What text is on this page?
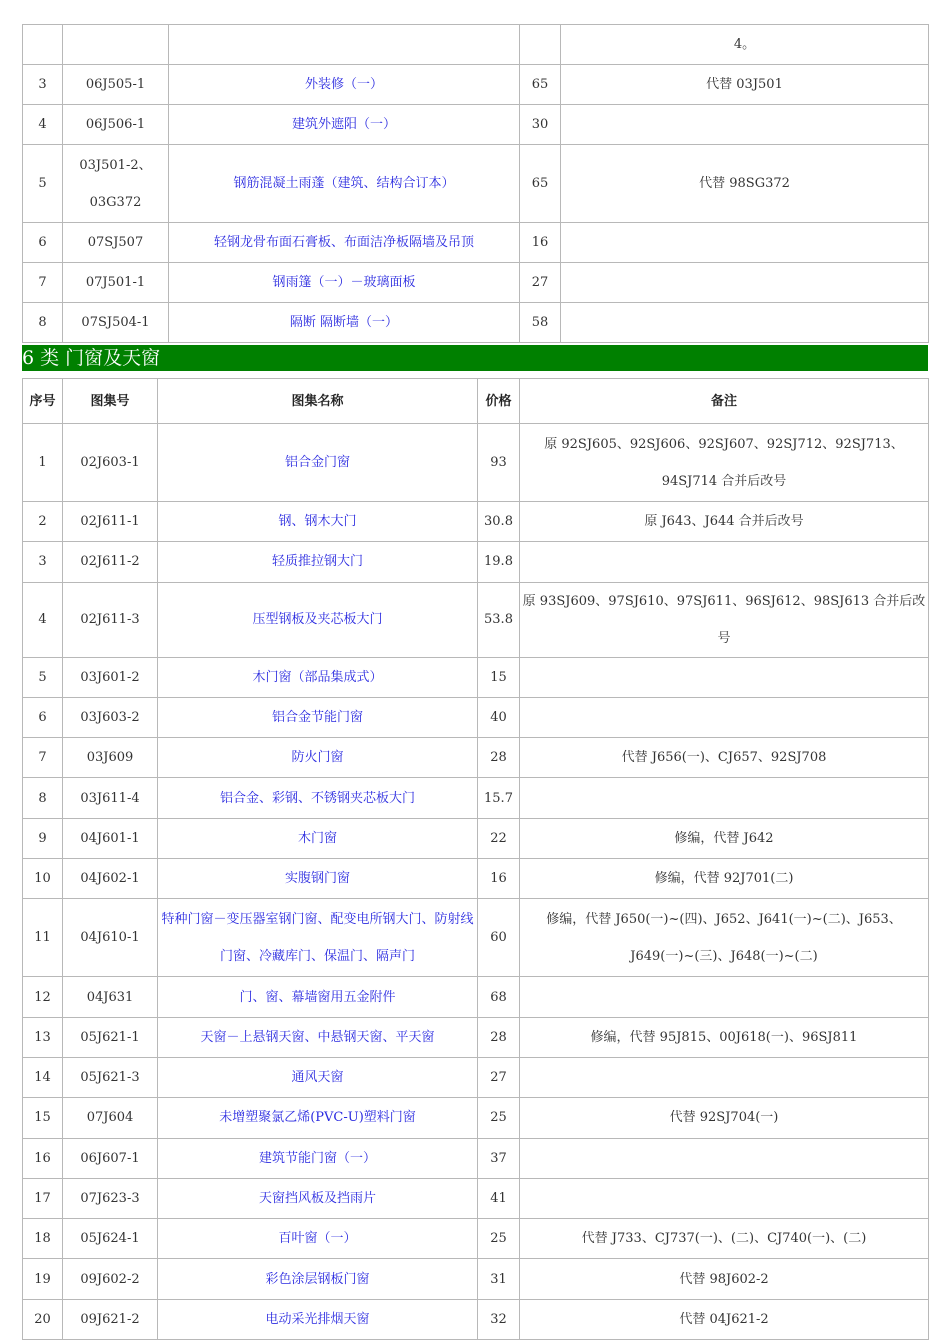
				4。
3	06J505-1	外装修（一）	65	代替 03J501
4	06J506-1	建筑外遮阳（一）	30	
5	03J501-2、03G372	钢筋混凝土雨蓬（建筑、结构合订本）	65	代替 98SG372
6	07SJ507	轻钢龙骨布面石膏板、布面洁净板隔墙及吊顶	16	
7	07J501-1	钢雨篷（一）－玻璃面板	27	
8	07SJ504-1	隔断 隔断墙（一）	58	
6 类 门窗及天窗
序号	图集号	图集名称	价格	备注
1	02J603-1	铝合金门窗	93	原 92SJ605、92SJ606、92SJ607、92SJ712、92SJ713、94SJ714 合并后改号
2	02J611-1	钢、钢木大门	30.8	原 J643、J644 合并后改号
3	02J611-2	轻质推拉钢大门	19.8	
4	02J611-3	压型钢板及夹芯板大门	53.8	原 93SJ609、97SJ610、97SJ611、96SJ612、98SJ613 合并后改号
5	03J601-2	木门窗（部品集成式）	15	
6	03J603-2	铝合金节能门窗	40	
7	03J609	防火门窗	28	代替 J656(一)、CJ657、92SJ708
8	03J611-4	铝合金、彩钢、不锈钢夹芯板大门	15.7	
9	04J601-1	木门窗	22	修编，代替 J642
10	04J602-1	实腹钢门窗	16	修编，代替 92J701(二)
11	04J610-1	特种门窗－变压器室钢门窗、配变电所钢大门、防射线门窗、冷藏库门、保温门、隔声门	60	修编，代替 J650(一)~(四)、J652、J641(一)~(二)、J653、J649(一)~(三)、J648(一)~(二)
12	04J631	门、窗、幕墙窗用五金附件	68	
13	05J621-1	天窗－上悬钢天窗、中悬钢天窗、平天窗	28	修编，代替 95J815、00J618(一)、96SJ811
14	05J621-3	通风天窗	27	
15	07J604	未增塑聚氯乙烯(PVC-U)塑料门窗	25	代替 92SJ704(一)
16	06J607-1	建筑节能门窗（一）	37	
17	07J623-3	天窗挡风板及挡雨片	41	
18	05J624-1	百叶窗（一）	25	代替 J733、CJ737(一)、(二)、CJ740(一)、(二)
19	09J602-2	彩色涂层钢板门窗	31	代替 98J602-2
20	09J621-2	电动采光排烟天窗	32	代替 04J621-2
